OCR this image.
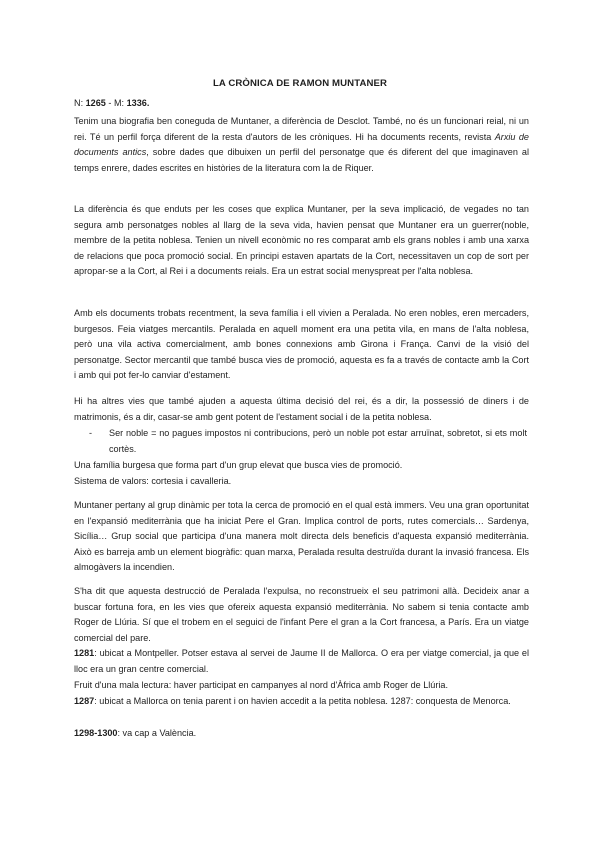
LA CRÒNICA DE RAMON MUNTANER
N: 1265 - M: 1336.

Tenim una biografia ben coneguda de Muntaner, a diferència de Desclot. També, no és un funcionari reial, ni un rei. Té un perfil força diferent de la resta d'autors de les cròniques. Hi ha documents recents, revista Arxiu de documents antics, sobre dades que dibuixen un perfil del personatge que és diferent del que imaginaven al temps enrere, dades escrites en històries de la literatura com la de Riquer.

La diferència és que enduts per les coses que explica Muntaner, per la seva implicació, de vegades no tan segura amb personatges nobles al llarg de la seva vida, havien pensat que Muntaner era un guerrer(noble, membre de la petita noblesa. Tenien un nivell econòmic no res comparat amb els grans nobles i amb una xarxa de relacions que poca promoció social. En principi estaven apartats de la Cort, necessitaven un cop de sort per apropar-se a la Cort, al Rei i a documents reials. Era un estrat social menyspreat per l'alta noblesa.

Amb els documents trobats recentment, la seva família i ell vivien a Peralada. No eren nobles, eren mercaders, burgesos. Feia viatges mercantils. Peralada en aquell moment era una petita vila, en mans de l'alta noblesa, però una vila activa comercialment, amb bones connexions amb Girona i França. Canvi de la visió del personatge. Sector mercantil que també busca vies de promoció, aquesta es fa a través de contacte amb la Cort i amb qui pot fer-lo canviar d'estament.

Hi ha altres vies que també ajuden a aquesta última decisió del rei, és a dir, la possessió de diners i de matrimonis, és a dir, casar-se amb gent potent de l'estament social i de la petita noblesa.

- Ser noble = no pagues impostos ni contribucions, però un noble pot estar arruïnat, sobretot, si ets molt cortès.

Una família burgesa que forma part d'un grup elevat que busca vies de promoció.

Sistema de valors: cortesia i cavalleria.

Muntaner pertany al grup dinàmic per tota la cerca de promoció en el qual està immers. Veu una gran oportunitat en l'expansió mediterrània que ha iniciat Pere el Gran. Implica control de ports, rutes comercials… Sardenya, Sicília… Grup social que participa d'una manera molt directa dels beneficis d'aquesta expansió mediterrània. Això es barreja amb un element biogràfic: quan marxa, Peralada resulta destruïda durant la invasió francesa. Els almogàvers la incendien.

S'ha dit que aquesta destrucció de Peralada l'expulsa, no reconstrueix el seu patrimoni allà. Decideix anar a buscar fortuna fora, en les vies que ofereix aquesta expansió mediterrània. No sabem si tenia contacte amb Roger de Llúria. Sí que el trobem en el seguici de l'infant Pere el gran a la Cort francesa, a París. Era un viatge comercial del pare.

1281: ubicat a Montpeller. Potser estava al servei de Jaume II de Mallorca. O era per viatge comercial, ja que el lloc era un gran centre comercial.

Fruit d'una mala lectura: haver participat en campanyes al nord d'Àfrica amb Roger de Llúria.

1287: ubicat a Mallorca on tenia parent i on havien accedit a la petita noblesa. 1287: conquesta de Menorca.

1298-1300: va cap a València.
